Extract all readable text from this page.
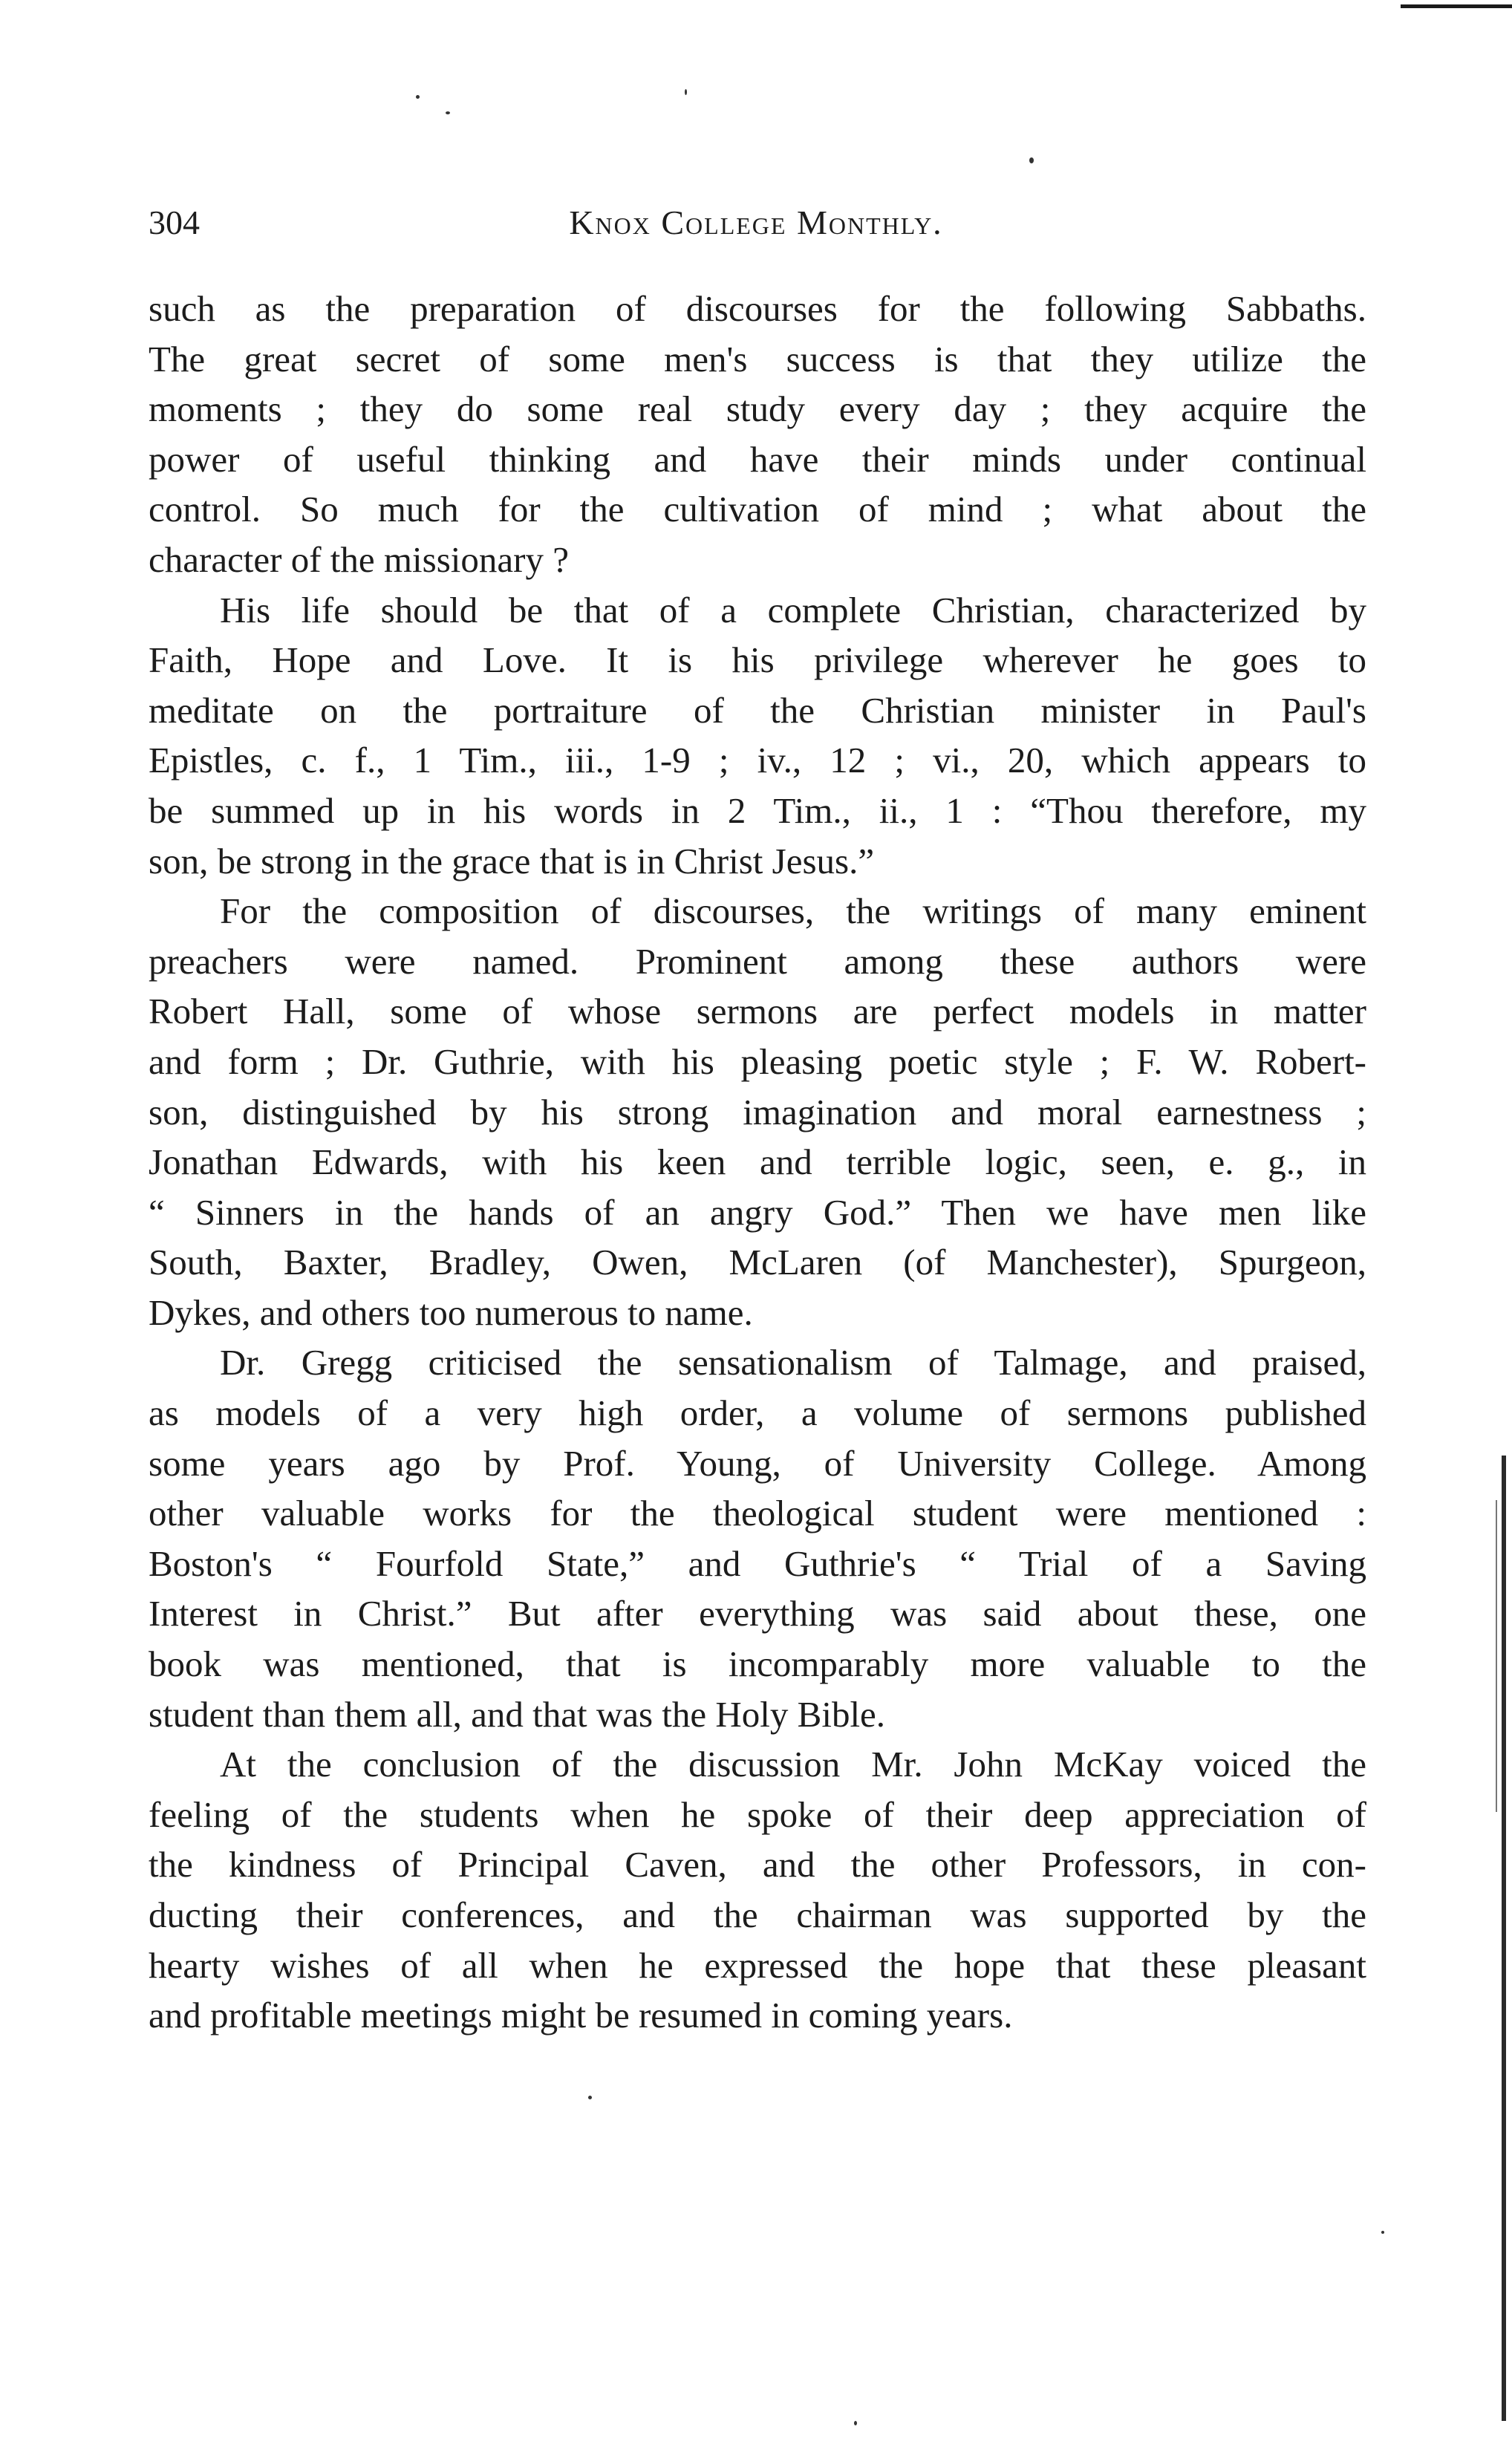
304	Knox College Monthly.
such as the preparation of discourses for the following Sabbaths.
The great secret of some men's success is that they utilize the
moments ; they do some real study every day ; they acquire the
power of useful thinking and have their minds under continual
control. So much for the cultivation of mind ; what about the
character of the missionary ?
His life should be that of a complete Christian, characterized by
Faith, Hope and Love. It is his privilege wherever he goes to
meditate on the portraiture of the Christian minister in Paul's
Epistles, c. f., 1 Tim., iii., 1-9 ; iv., 12 ; vi., 20, which appears to
be summed up in his words in 2 Tim., ii., 1 : “Thou therefore, my
son, be strong in the grace that is in Christ Jesus.”
For the composition of discourses, the writings of many eminent
preachers were named. Prominent among these authors were
Robert Hall, some of whose sermons are perfect models in matter
and form ; Dr. Guthrie, with his pleasing poetic style ; F. W. Robert-
son, distinguished by his strong imagination and moral earnestness ;
Jonathan Edwards, with his keen and terrible logic, seen, e. g., in
“ Sinners in the hands of an angry God.” Then we have men like
South, Baxter, Bradley, Owen, McLaren (of Manchester), Spurgeon,
Dykes, and others too numerous to name.
Dr. Gregg criticised the sensationalism of Talmage, and praised,
as models of a very high order, a volume of sermons published
some years ago by Prof. Young, of University College. Among
other valuable works for the theological student were mentioned :
Boston's “ Fourfold State,” and Guthrie's “ Trial of a Saving
Interest in Christ.” But after everything was said about these, one
book was mentioned, that is incomparably more valuable to the
student than them all, and that was the Holy Bible.
At the conclusion of the discussion Mr. John McKay voiced the
feeling of the students when he spoke of their deep appreciation of
the kindness of Principal Caven, and the other Professors, in con-
ducting their conferences, and the chairman was supported by the
hearty wishes of all when he expressed the hope that these pleasant
and profitable meetings might be resumed in coming years.
